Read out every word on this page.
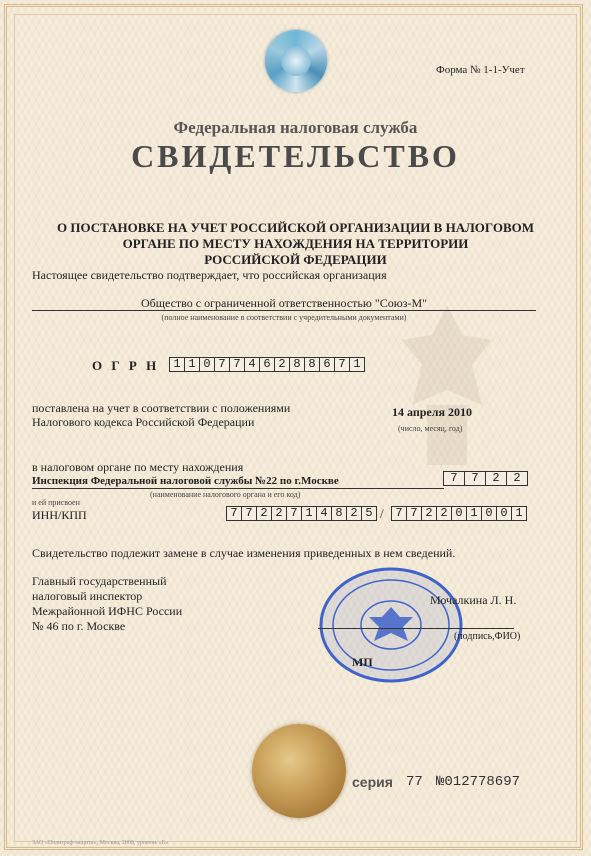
Форма № 1-1-Учет
Федеральная налоговая служба
СВИДЕТЕЛЬСТВО
О ПОСТАНОВКЕ НА УЧЕТ РОССИЙСКОЙ ОРГАНИЗАЦИИ В НАЛОГОВОМ
ОРГАНЕ ПО МЕСТУ НАХОЖДЕНИЯ НА ТЕРРИТОРИИ
РОССИЙСКОЙ ФЕДЕРАЦИИ
Настоящее свидетельство подтверждает, что российская организация
Общество с ограниченной ответственностью "Союз-М"
(полное наименование в соответствии с учредительными документами)
О Г Р Н	1 1 0 7 7 4 6 2 8 8 6 7 1
поставлена на учет в соответствии с положениями
Налогового кодекса Российской Федерации
14 апреля 2010
(число, месяц, год)
в налоговом органе по месту нахождения
Инспекция Федеральной налоговой службы №22 по г.Москве	7	7	2	2
(наименование налогового органа и его код)
и ей присвоен
ИНН/КПП	7 7 2 2 7 1 4 8 2 5 / 7 7 2 2 0 1 0 0 1
Свидетельство подлежит замене в случае изменения приведенных в нем сведений.
Главный государственный
налоговый инспектор
Межрайонной ИФНС России
№ 46 по г. Москве
Мочалкина Л. Н.
(подпись,ФИО)
МП
серия 77 №012778697
ЗАО «Полиграф-защита», Москва, 2008, уровень «Б»
